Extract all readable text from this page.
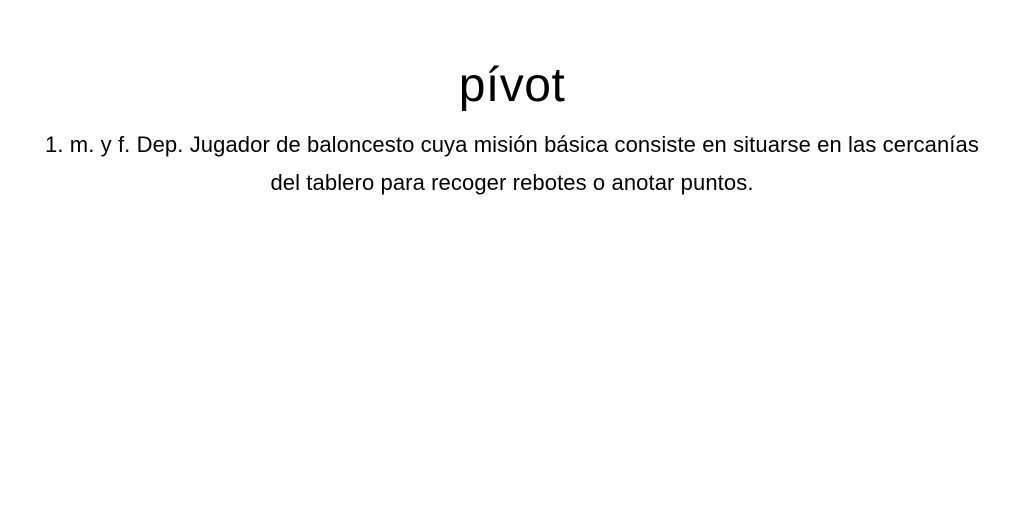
pívot

1. m. y f. Dep. Jugador de baloncesto cuya misión básica consiste en situarse en las cercanías del tablero para recoger rebotes o anotar puntos.
